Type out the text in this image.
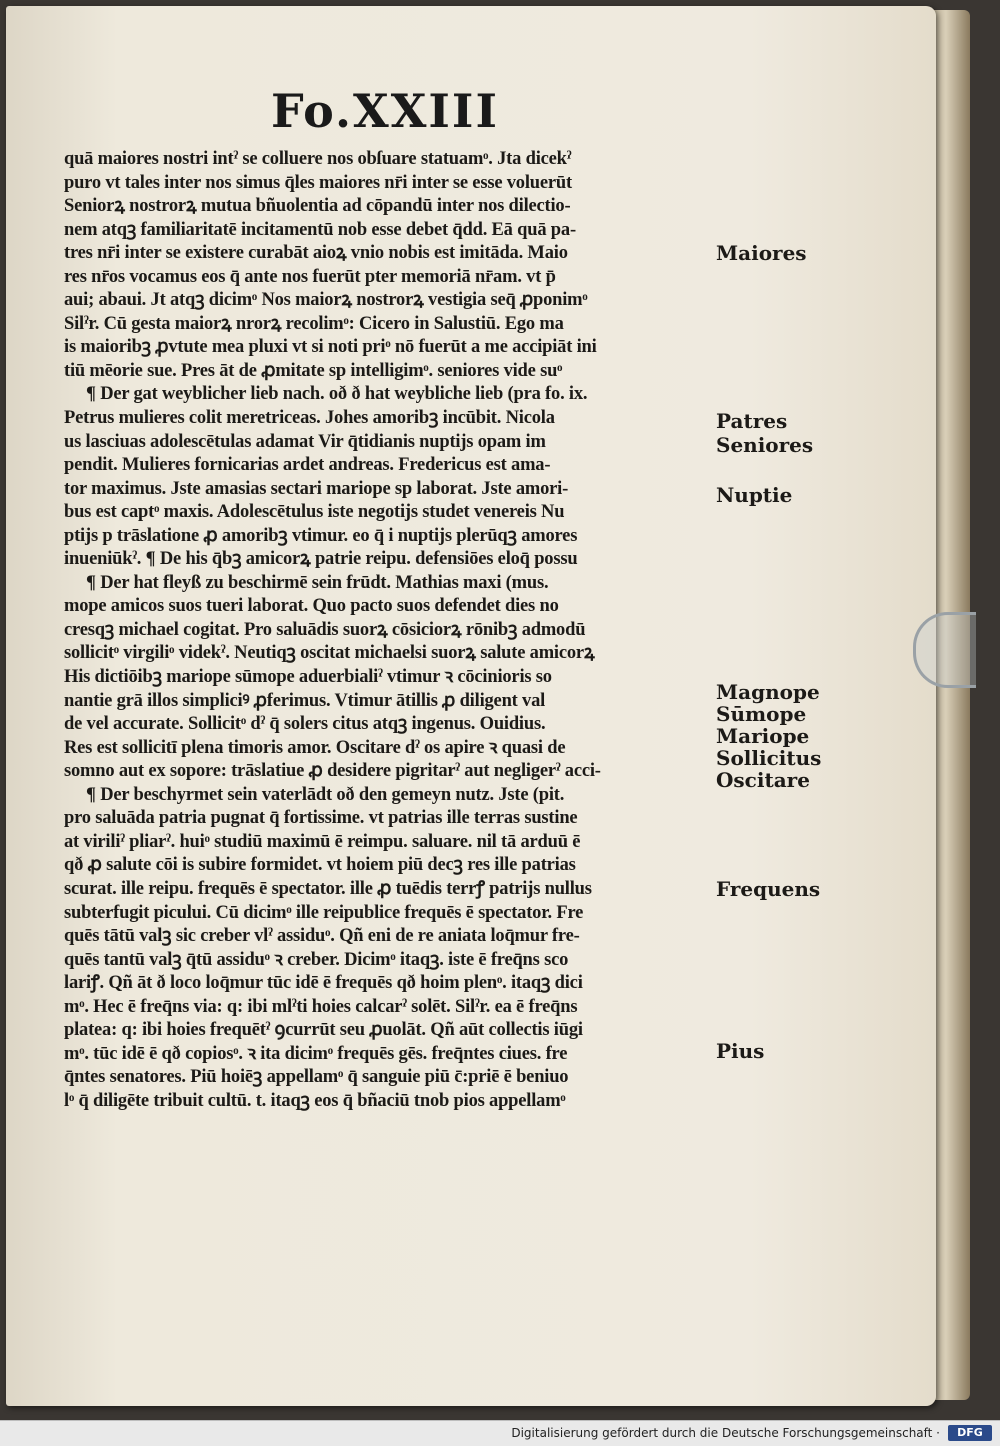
Fo.XXIII
quā maiores nostri intˀ se colluere nos obſuare statuamᵒ. Jta dicekˀ
puro vt tales inter nos simus q̄les maiores nr̄i inter se esse voluerūt
Seniorꝝ nostrorꝝ mutua bñuolentia ad cōpandū inter nos dilectio-
nem atqꝫ familiaritatē incitamentū nob esse debet q̄dd. Eā quā pa-
tres nr̄i inter se existere curabāt aioꝝ vnio nobis est imitāda. Maio
res nr̄os vocamus eos q̄ ante nos fuerūt pter memoriā nr̄am. vt p̄
aui; abaui. Jt atqꝫ dicimᵒ Nos maiorꝝ nostrorꝝ vestigia seq̄ ꝓponimᵒ
Silˀr. Cū gesta maiorꝝ nrorꝝ recolimᵒ: Cicero in Salustiū. Ego ma
is maioribꝫ ꝓvtute mea pluxi vt si noti priᵒ nō fuerūt a me accipiāt ini
tiū mēorie sue. Pres āt de ꝓmitate sp intelligimᵒ. seniores vide suᵒ
¶ Der gat weyblicher lieb nach. oð ð hat weybliche lieb (pra fo. ix.
Petrus mulieres colit meretriceas. Johes amoribꝫ incūbit. Nicola
us lasciuas adolescētulas adamat Vir q̄tidianis nuptijs opam im
pendit. Mulieres fornicarias ardet andreas. Fredericus est ama-
tor maximus. Jste amasias sectari mariope sp laborat. Jste amori-
bus est captᵒ maxis. Adolescētulus iste negotijs studet venereis Nu
ptijs p trāslatione ꝓ amoribꝫ vtimur. eo q̄ i nuptijs plerūqꝫ amores
inueniūkˀ. ¶ De his q̄bꝫ amicorꝝ patrie reipu. defensiōes eloq̄ possu
¶ Der hat fleyß zu beschirmē sein frūdt. Mathias maxi (mus.
mope amicos suos tueri laborat. Quo pacto suos defendet dies no
cresqꝫ michael cogitat. Pro saluādis suorꝝ cōsiciorꝝ rōnibꝫ admodū
sollicitᵒ virgiliᵒ videkˀ. Neutiqꝫ oscitat michaelsi suorꝝ salute amicorꝝ
His dictiōibꝫ mariope sūmope aduerbialiˀ vtimur ꝛ cōcinioris so
nantie grā illos simpliciꝰ ꝓferimus. Vtimur ātillis ꝓ diligent val
de vel accurate. Sollicitᵒ dˀ q̄ solers citus atqꝫ ingenus. Ouidius.
Res est sollicitī plena timoris amor. Oscitare dˀ os apire ꝛ quasi de
somno aut ex sopore: trāslatiue ꝓ desidere pigritarˀ aut negligerˀ acci-
¶ Der beschyrmet sein vaterlādt oð den gemeyn nutz. Jste (pit.
pro saluāda patria pugnat q̄ fortissime. vt patrias ille terras sustine
at viriliˀ pliarˀ. huiᵒ studiū maximū ē reimpu. saluare. nil tā arduū ē
qð ꝓ salute cōi is subire formidet. vt hoiem piū decꝫ res ille patrias
scurat. ille reipu. frequēs ē spectator. ille ꝓ tuēdis terrꝭ patrijs nullus
subterfugit picului. Cū dicimᵒ ille reipublice frequēs ē spectator. Fre
quēs tātū valꝫ sic creber vlˀ assiduᵒ. Qñ eni de re aniata loq̄mur fre-
quēs tantū valꝫ q̄tū assiduᵒ ꝛ creber. Dicimᵒ itaqꝫ. iste ē freq̄ns sco
lariꝭ. Qñ āt ð loco loq̄mur tūc idē ē frequēs qð hoim plenᵒ. itaqꝫ dici
mᵒ. Hec ē freq̄ns via: q: ibi mlˀti hoies calcarˀ solēt. Silˀr. ea ē freq̄ns
platea: q: ibi hoies frequētˀ ꝯcurrūt seu ꝓuolāt. Qñ aūt collectis iūgi
mᵒ. tūc idē ē qð copiosᵒ. ꝛ ita dicimᵒ frequēs gēs. freq̄ntes ciues. fre
q̄ntes senatores. Piū hoiēꝫ appellamᵒ q̄ sanguie piū c̄:priē ē beniuo
lᵒ q̄ diligēte tribuit cultū. t. itaqꝫ eos q̄ bñaciū tnob pios appellamᵒ
Maiores
Patres
Seniores
Nuptie
Magnope
Sūmope
Mariope
Sollicitus
Oscitare
Frequens
Pius
Digitalisierung gefördert durch die Deutsche Forschungsgemeinschaft ·	DFG
